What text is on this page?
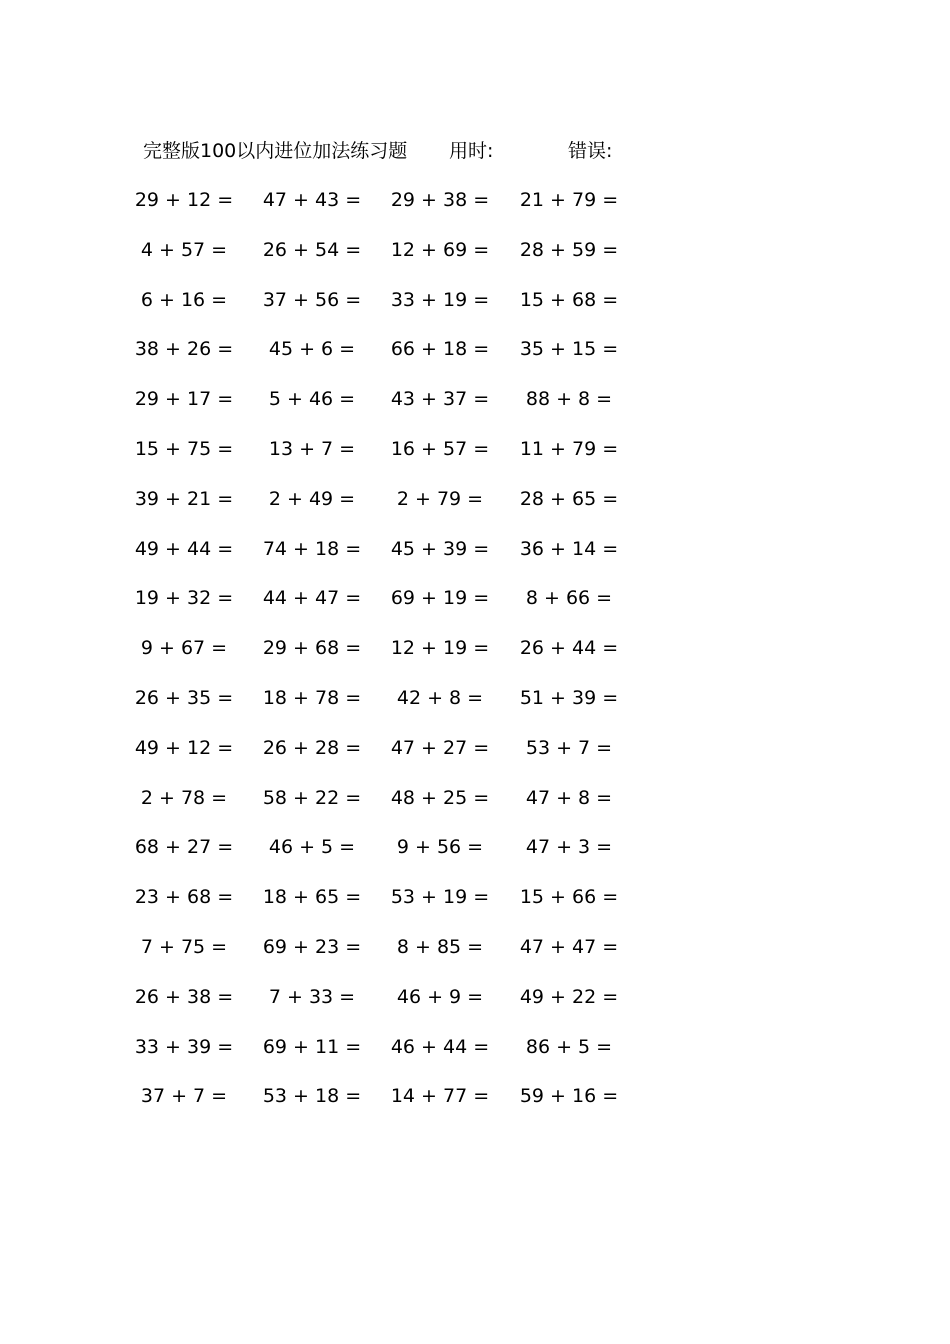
完整版100以内进位加法练习题 用时:	错误:
29 + 12 =	47 + 43 =	29 + 38 =	21 + 79 =
4 + 57 =	26 + 54 =	12 + 69 =	28 + 59 =
6 + 16 =	37 + 56 =	33 + 19 =	15 + 68 =
38 + 26 =	45 + 6 =	66 + 18 =	35 + 15 =
29 + 17 =	5 + 46 =	43 + 37 =	88 + 8 =
15 + 75 =	13 + 7 =	16 + 57 =	11 + 79 =
39 + 21 =	2 + 49 =	2 + 79 =	28 + 65 =
49 + 44 =	74 + 18 =	45 + 39 =	36 + 14 =
19 + 32 =	44 + 47 =	69 + 19 =	8 + 66 =
9 + 67 =	29 + 68 =	12 + 19 =	26 + 44 =
26 + 35 =	18 + 78 =	42 + 8 =	51 + 39 =
49 + 12 =	26 + 28 =	47 + 27 =	53 + 7 =
2 + 78 =	58 + 22 =	48 + 25 =	47 + 8 =
68 + 27 =	46 + 5 =	9 + 56 =	47 + 3 =
23 + 68 =	18 + 65 =	53 + 19 =	15 + 66 =
7 + 75 =	69 + 23 =	8 + 85 =	47 + 47 =
26 + 38 =	7 + 33 =	46 + 9 =	49 + 22 =
33 + 39 =	69 + 11 =	46 + 44 =	86 + 5 =
37 + 7 =	53 + 18 =	14 + 77 =	59 + 16 =
